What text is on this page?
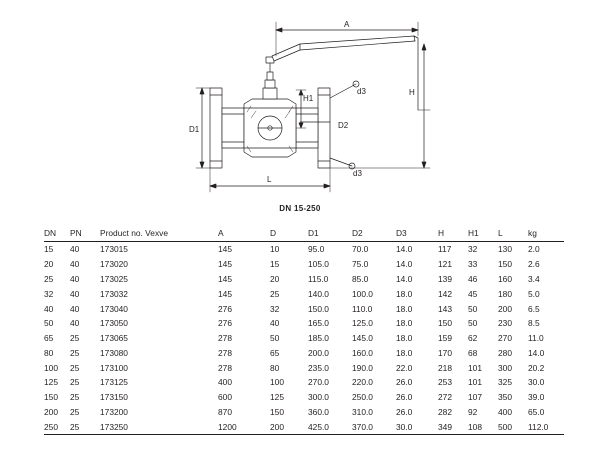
A
H
H1
D1
L
D2
d3
d3
DN 15-250
DN	PN	Product no. Vexve	A	D	D1	D2	D3	H	H1	L	kg
15	40	173015	145	10	95.0	70.0	14.0	117	32	130	2.0
20	40	173020	145	15	105.0	75.0	14.0	121	33	150	2.6
25	40	173025	145	20	115.0	85.0	14.0	139	46	160	3.4
32	40	173032	145	25	140.0	100.0	18.0	142	45	180	5.0
40	40	173040	276	32	150.0	110.0	18.0	143	50	200	6.5
50	40	173050	276	40	165.0	125.0	18.0	150	50	230	8.5
65	25	173065	278	50	185.0	145.0	18.0	159	62	270	11.0
80	25	173080	278	65	200.0	160.0	18.0	170	68	280	14.0
100	25	173100	278	80	235.0	190.0	22.0	218	101	300	20.2
125	25	173125	400	100	270.0	220.0	26.0	253	101	325	30.0
150	25	173150	600	125	300.0	250.0	26.0	272	107	350	39.0
200	25	173200	870	150	360.0	310.0	26.0	282	92	400	65.0
250	25	173250	1200	200	425.0	370.0	30.0	349	108	500	112.0
